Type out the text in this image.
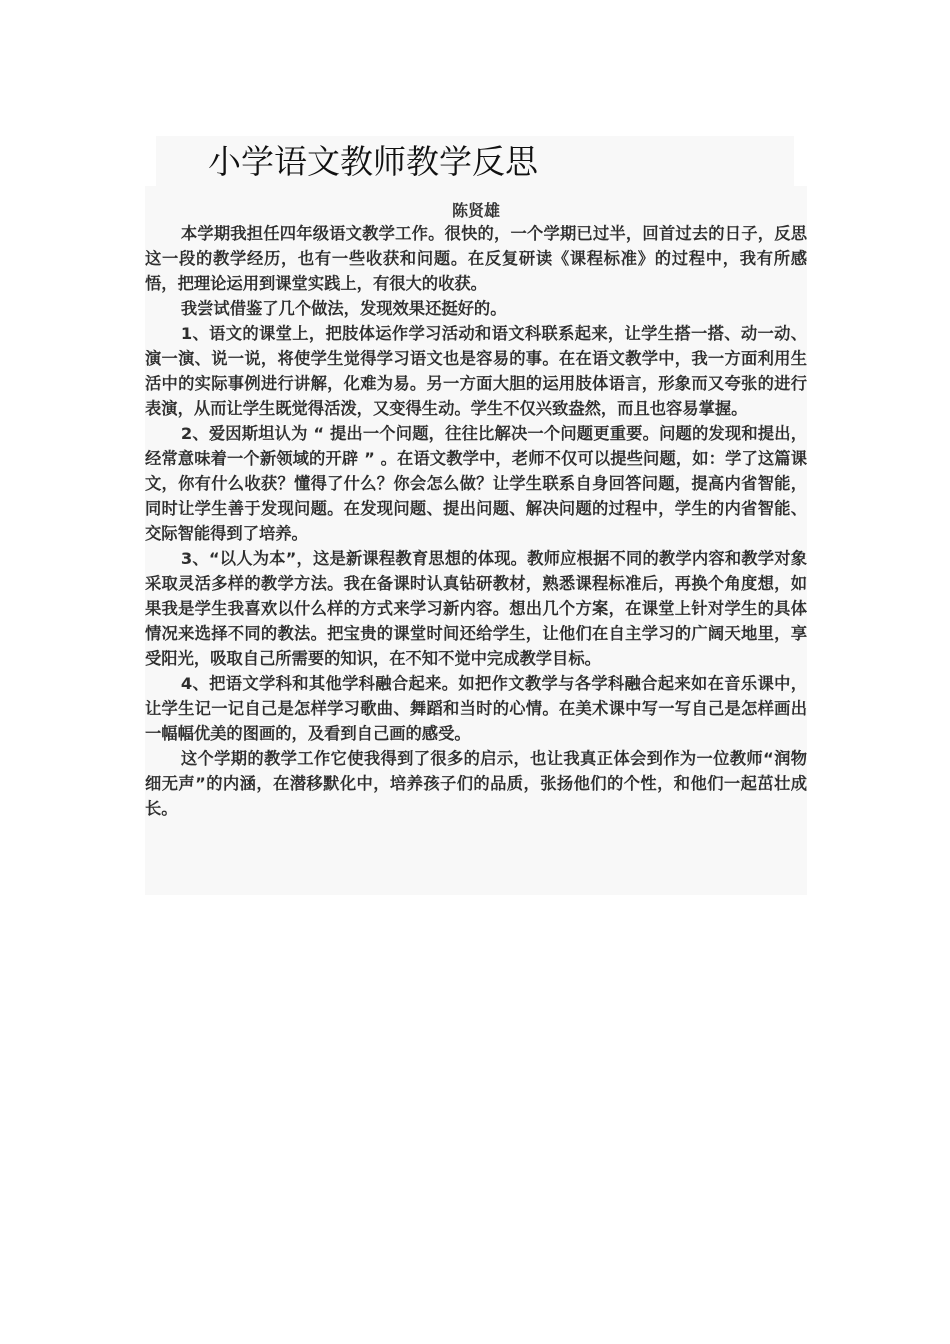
小学语文教师教学反思
陈贤雄

本学期我担任四年级语文教学工作。很快的，一个学期已过半，回首过去的日子，反思这一段的教学经历，也有一些收获和问题。在反复研读《课程标准》的过程中，我有所感悟，把理论运用到课堂实践上，有很大的收获。

我尝试借鉴了几个做法，发现效果还挺好的。

1、语文的课堂上，把肢体运作学习活动和语文科联系起来，让学生搭一搭、动一动、演一演、说一说，将使学生觉得学习语文也是容易的事。在在语文教学中，我一方面利用生活中的实际事例进行讲解，化难为易。另一方面大胆的运用肢体语言，形象而又夸张的进行表演，从而让学生既觉得活泼，又变得生动。学生不仅兴致盎然，而且也容易掌握。

2、爱因斯坦认为 “ 提出一个问题，往往比解决一个问题更重要。问题的发现和提出，经常意味着一个新领域的开辟 ” 。在语文教学中，老师不仅可以提些问题，如：学了这篇课文，你有什么收获？懂得了什么？你会怎么做？让学生联系自身回答问题，提高内省智能，同时让学生善于发现问题。在发现问题、提出问题、解决问题的过程中，学生的内省智能、交际智能得到了培养。

3、“以人为本”，这是新课程教育思想的体现。教师应根据不同的教学内容和教学对象采取灵活多样的教学方法。我在备课时认真钻研教材，熟悉课程标准后，再换个角度想，如果我是学生我喜欢以什么样的方式来学习新内容。想出几个方案，在课堂上针对学生的具体情况来选择不同的教法。把宝贵的课堂时间还给学生，让他们在自主学习的广阔天地里，享受阳光，吸取自己所需要的知识，在不知不觉中完成教学目标。

4、把语文学科和其他学科融合起来。如把作文教学与各学科融合起来如在音乐课中，让学生记一记自己是怎样学习歌曲、舞蹈和当时的心情。在美术课中写一写自己是怎样画出一幅幅优美的图画的，及看到自己画的感受。

这个学期的教学工作它使我得到了很多的启示，也让我真正体会到作为一位教师“润物细无声”的内涵，在潜移默化中，培养孩子们的品质，张扬他们的个性，和他们一起茁壮成长。
